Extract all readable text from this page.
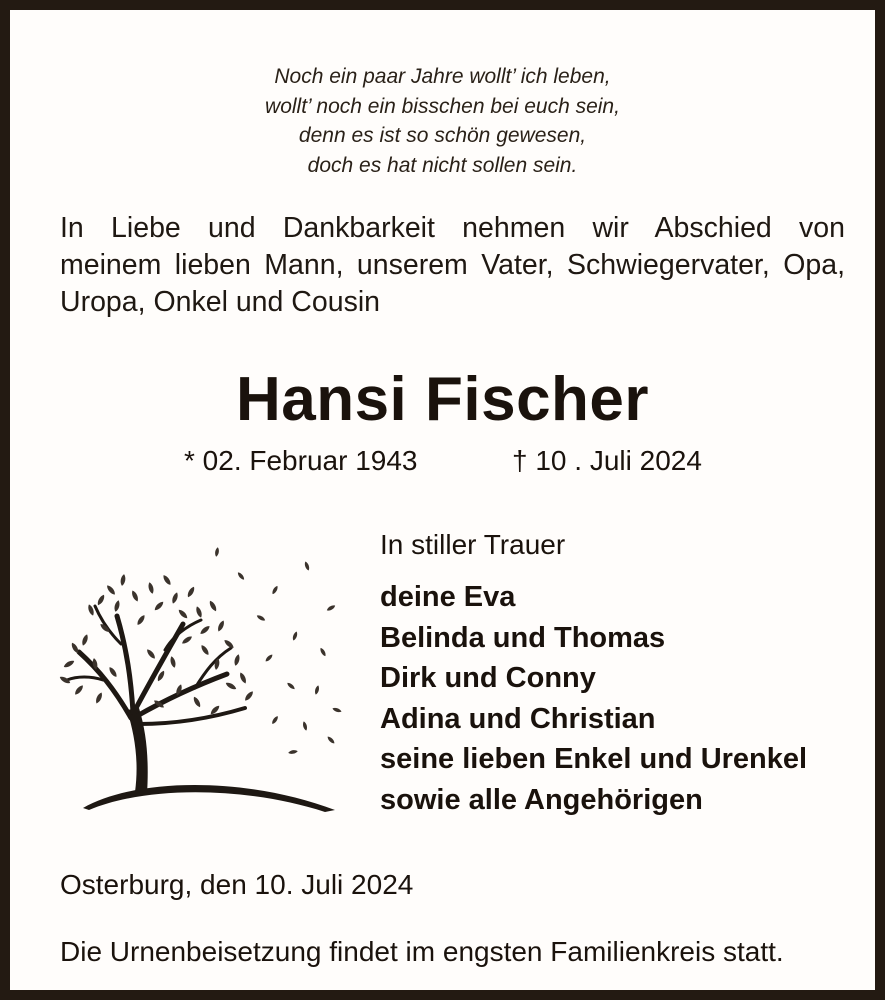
Noch ein paar Jahre wollt’ ich leben,
wollt’ noch ein bisschen bei euch sein,
denn es ist so schön gewesen,
doch es hat nicht sollen sein.
In Liebe und Dankbarkeit nehmen wir Abschied von
meinem lieben Mann, unserem Vater, Schwiegervater, Opa,
Uropa, Onkel und Cousin
Hansi Fischer
* 02. Februar 1943	† 10 . Juli 2024
In stiller Trauer
deine Eva
Belinda und Thomas
Dirk und Conny
Adina und Christian
seine lieben Enkel und Urenkel
sowie alle Angehörigen
Osterburg, den 10. Juli 2024
Die Urnenbeisetzung findet im engsten Familienkreis statt.
